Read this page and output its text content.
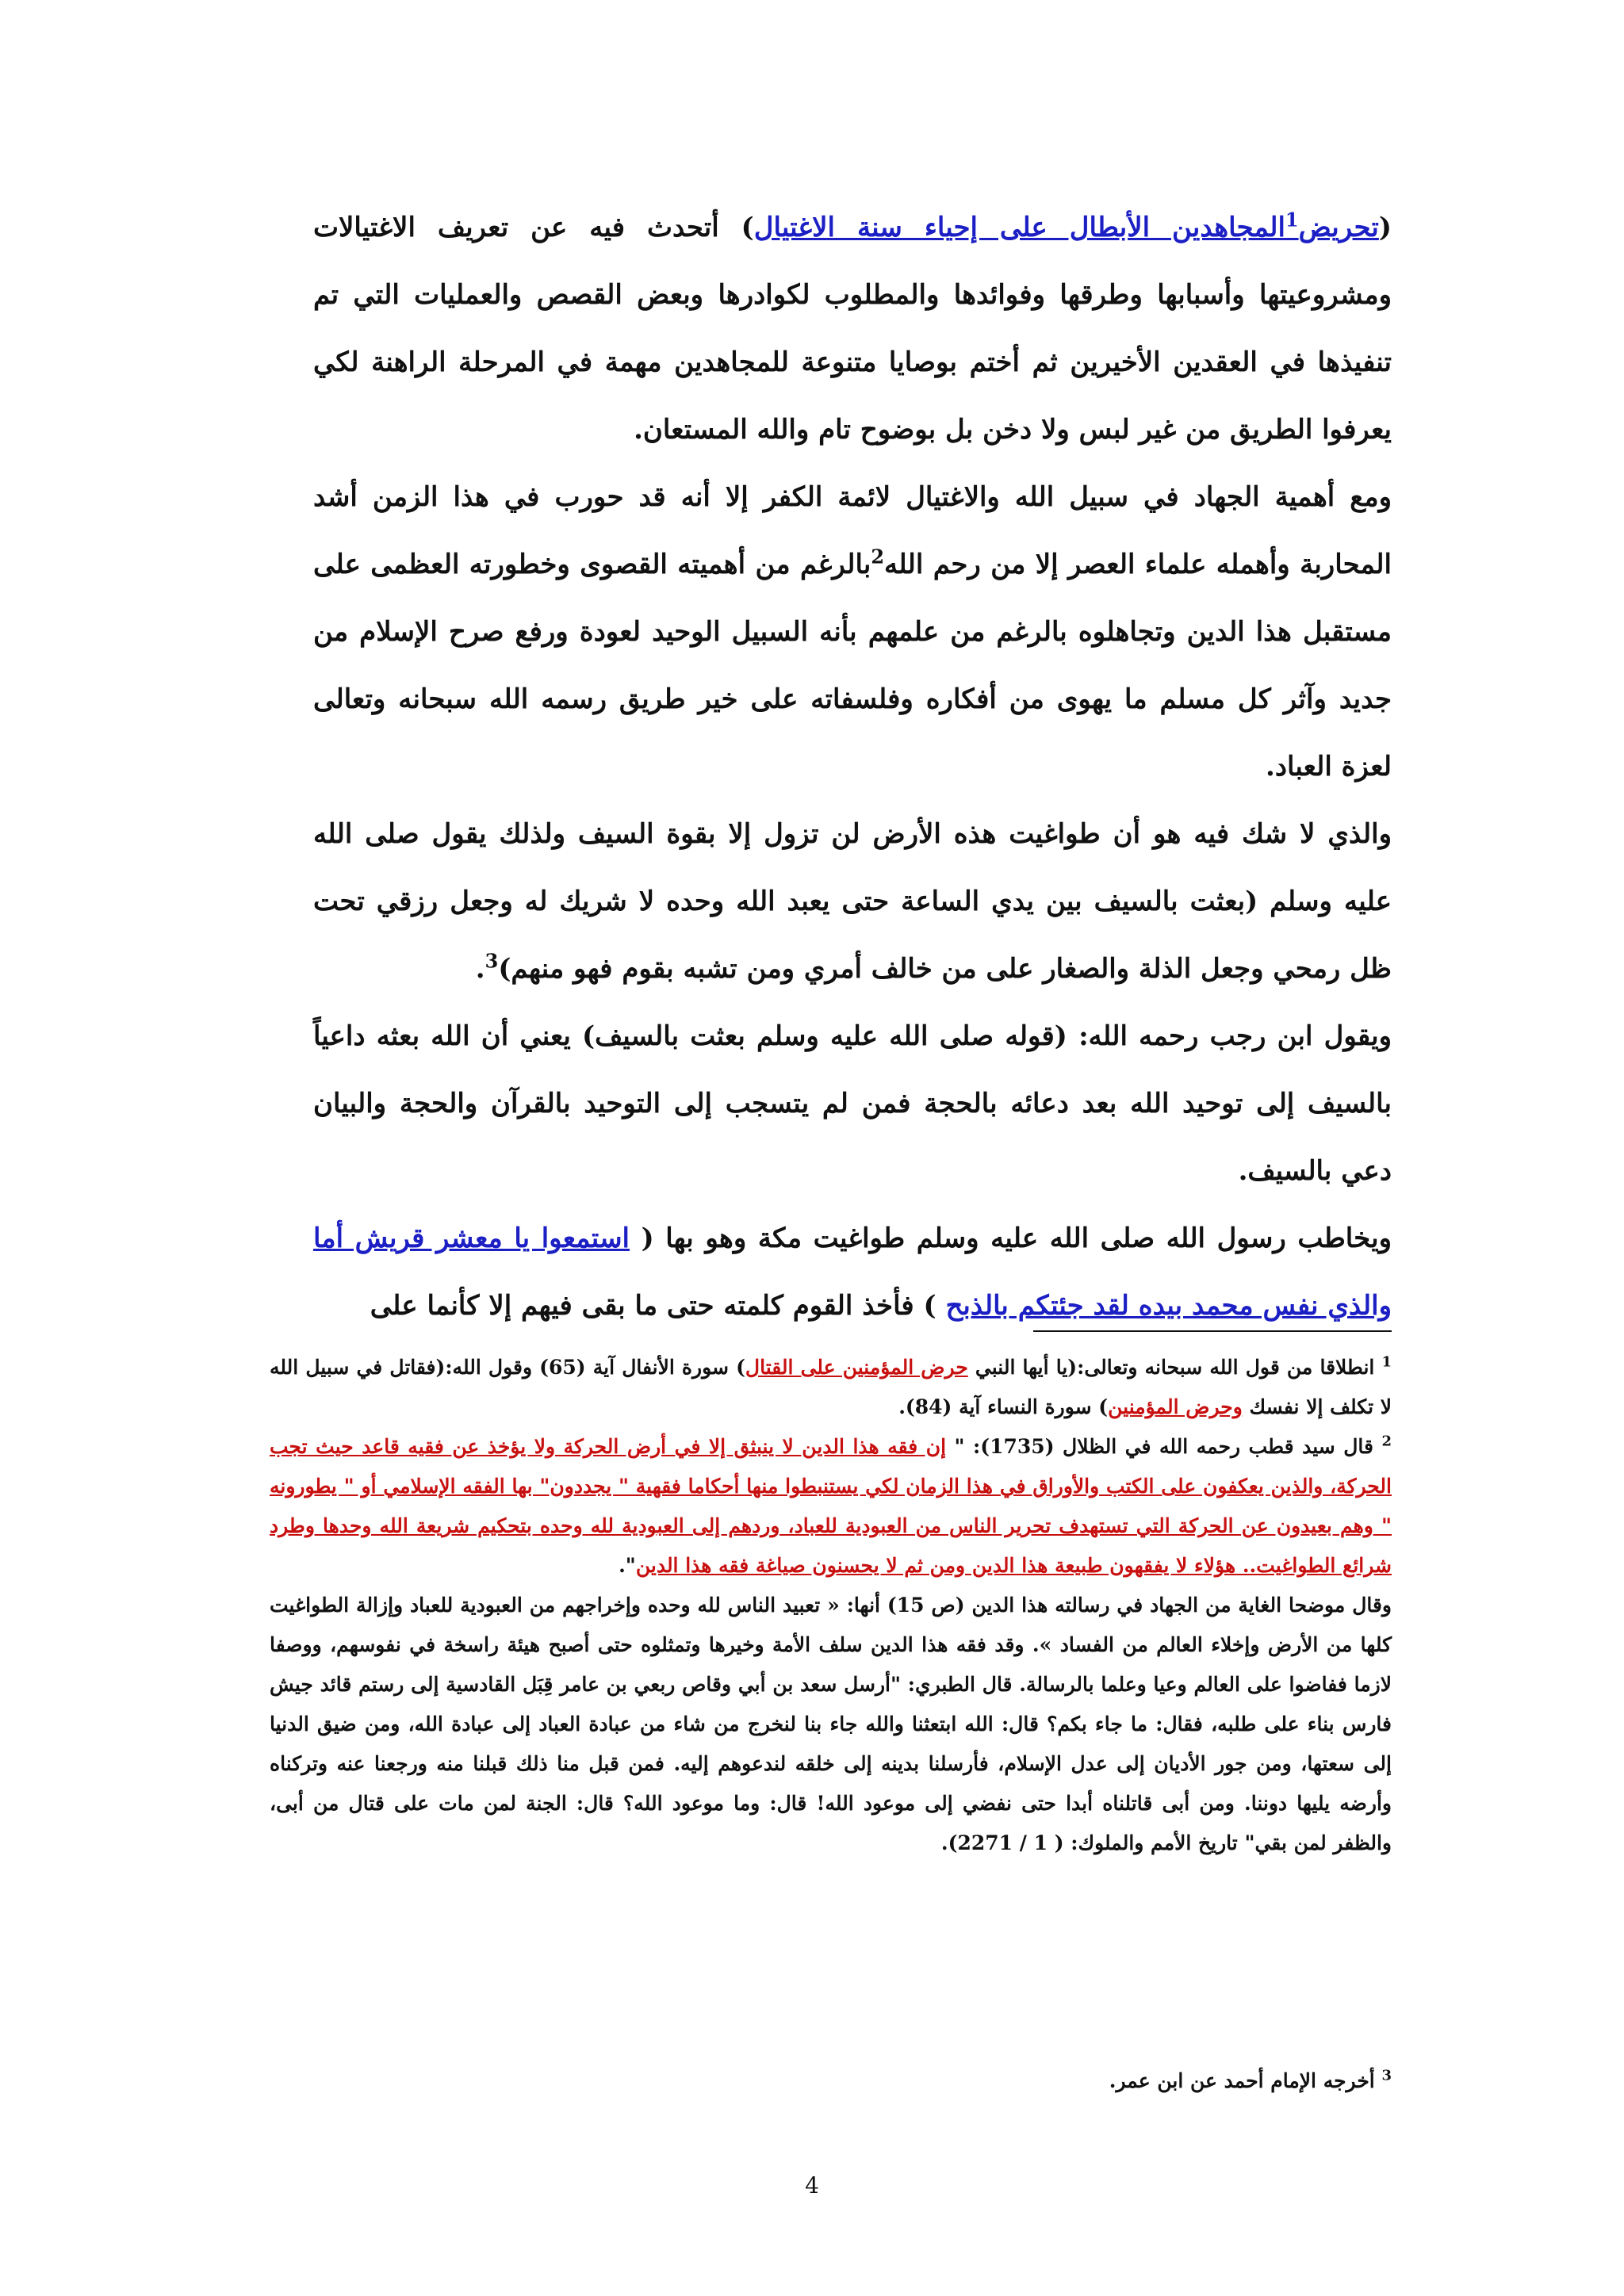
(تحريض$^1$المجاهدين الأبطال على إحياء سنة الاغتيال) أتحدث فيه عن تعريف الاغتيالات ومشروعيتها وأسبابها وطرقها وفوائدها والمطلوب لكوادرها وبعض القصص والعمليات التي تم تنفيذها في العقدين الأخيرين ثم أختم بوصايا متنوعة للمجاهدين مهمة في المرحلة الراهنة لكي يعرفوا الطريق من غير لبس ولا دخن بل بوضوح تام والله المستعان.

ومع أهمية الجهاد في سبيل الله والاغتيال لائمة الكفر إلا أنه قد حورب في هذا الزمن أشد المحاربة وأهمله علماء العصر إلا من رحم الله$^2$بالرغم من أهميته القصوى وخطورته العظمى على مستقبل هذا الدين وتجاهلوه بالرغم من علمهم بأنه السبيل الوحيد لعودة ورفع صرح الإسلام من جديد وآثر كل مسلم ما يهوى من أفكاره وفلسفاته على خير طريق رسمه الله سبحانه وتعالى لعزة العباد.

والذي لا شك فيه هو أن طواغيت هذه الأرض لن تزول إلا بقوة السيف ولذلك يقول صلى الله عليه وسلم (بعثت بالسيف بين يدي الساعة حتى يعبد الله وحده لا شريك له وجعل رزقي تحت ظل رمحي وجعل الذلة والصغار على من خالف أمري ومن تشبه بقوم فهو منهم)$^3$.

ويقول ابن رجب رحمه الله: (قوله صلى الله عليه وسلم بعثت بالسيف) يعني أن الله بعثه داعياً بالسيف إلى توحيد الله بعد دعائه بالحجة فمن لم يتسجب إلى التوحيد بالقرآن والحجة والبيان دعي بالسيف.

ويخاطب رسول الله صلى الله عليه وسلم طواغيت مكة وهو بها ( استمعوا يا معشر قريش أما والذي نفس محمد بيده لقد جئتكم بالذبح ) فأخذ القوم كلمته حتى ما بقى فيهم إلا كأنما على

$^1$ انطلاقا من قول الله سبحانه وتعالى:(يا أيها النبي حرض المؤمنين على القتال) سورة الأنفال آية (65) وقول الله:(فقاتل في سبيل الله لا تكلف إلا نفسك وحرض المؤمنين) سورة النساء آية (84).

$^2$ قال سيد قطب رحمه الله في الظلال (1735): " إن فقه هذا الدين لا ينبثق إلا في أرض الحركة ولا يؤخذ عن فقيه قاعد حيث تجب الحركة، والذين يعكفون على الكتب والأوراق في هذا الزمان لكي يستنبطوا منها أحكاما فقهية " يجددون" بها الفقه الإسلامي أو " يطورونه " وهم بعيدون عن الحركة التي تستهدف تحرير الناس من العبودية للعباد، وردهم إلى العبودية لله وحده بتحكيم شريعة الله وحدها وطرد شرائع الطواغيت.. هؤلاء لا يفقهون طبيعة هذا الدين ومن ثم لا يحسنون صياغة فقه هذا الدين".

وقال موضحا الغاية من الجهاد في رسالته هذا الدين (ص 15) أنها: « تعبيد الناس لله وحده وإخراجهم من العبودية للعباد وإزالة الطواغيت كلها من الأرض وإخلاء العالم من الفساد ». وقد فقه هذا الدين سلف الأمة وخيرها وتمثلوه حتى أصبح هيئة راسخة في نفوسهم، ووصفا لازما ففاضوا على العالم وعيا وعلما بالرسالة. قال الطبري: "أرسل سعد بن أبي وقاص ربعي بن عامر قِبَل القادسية إلى رستم قائد جيش فارس بناء على طلبه، فقال: ما جاء بكم؟ قال: الله ابتعثنا والله جاء بنا لنخرج من شاء من عبادة العباد إلى عبادة الله، ومن ضيق الدنيا إلى سعتها، ومن جور الأديان إلى عدل الإسلام، فأرسلنا بدينه إلى خلقه لندعوهم إليه. فمن قبل منا ذلك قبلنا منه ورجعنا عنه وتركناه وأرضه يليها دوننا. ومن أبى قاتلناه أبدا حتى نفضي إلى موعود الله! قال: وما موعود الله؟ قال: الجنة لمن مات على قتال من أبى، والظفر لمن بقي" تاريخ الأمم والملوك: ( 1 / 2271).

$^3$ أخرجه الإمام أحمد عن ابن عمر.
4
